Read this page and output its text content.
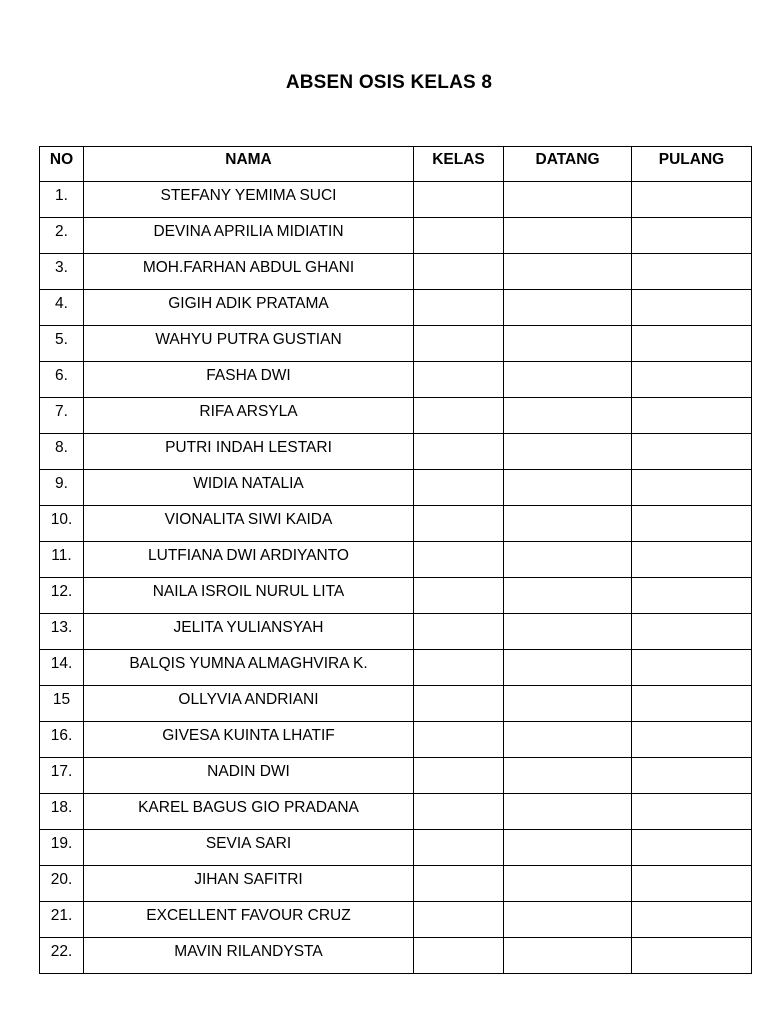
ABSEN OSIS KELAS 8
NO	NAMA	KELAS	DATANG	PULANG
1.	STEFANY YEMIMA SUCI			
2.	DEVINA APRILIA MIDIATIN			
3.	MOH.FARHAN ABDUL GHANI			
4.	GIGIH ADIK PRATAMA			
5.	WAHYU PUTRA GUSTIAN			
6.	FASHA DWI			
7.	RIFA ARSYLA			
8.	PUTRI INDAH LESTARI			
9.	WIDIA NATALIA			
10.	VIONALITA SIWI KAIDA			
11.	LUTFIANA DWI ARDIYANTO			
12.	NAILA ISROIL NURUL LITA			
13.	JELITA YULIANSYAH			
14.	BALQIS YUMNA ALMAGHVIRA K.			
15	OLLYVIA ANDRIANI			
16.	GIVESA KUINTA LHATIF			
17.	NADIN DWI			
18.	KAREL BAGUS GIO PRADANA			
19.	SEVIA SARI			
20.	JIHAN SAFITRI			
21.	EXCELLENT FAVOUR CRUZ			
22.	MAVIN RILANDYSTA			
